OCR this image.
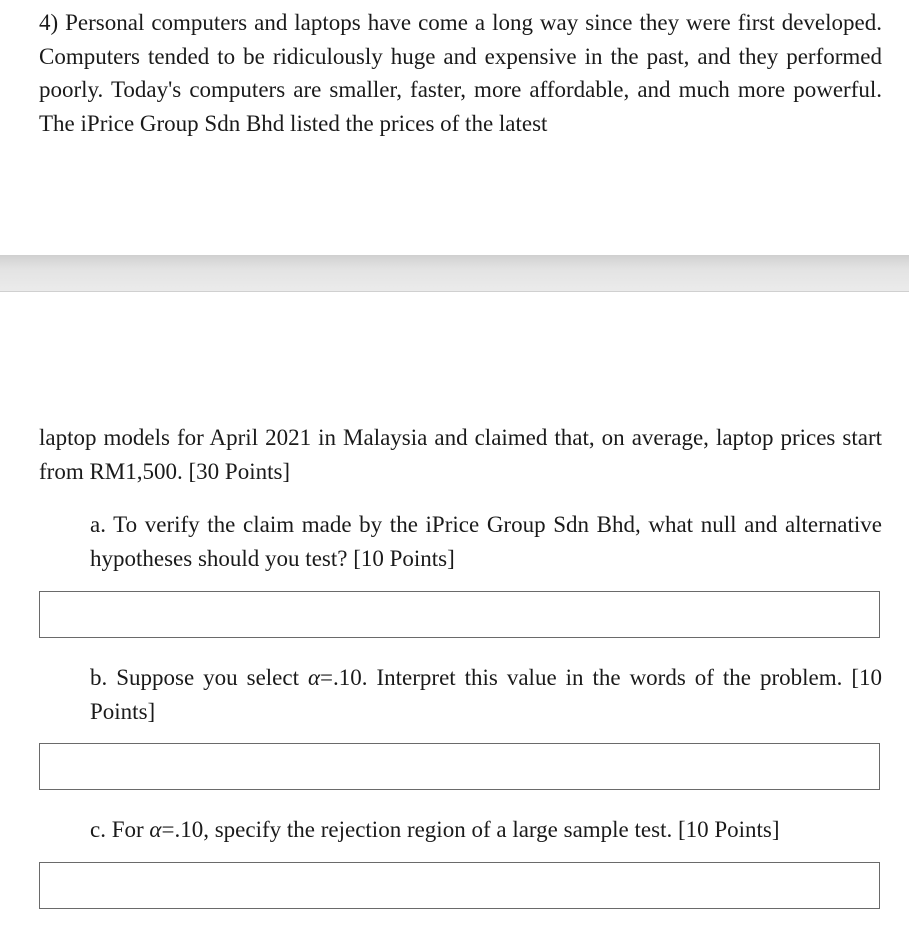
4) Personal computers and laptops have come a long way since they were first developed. Computers tended to be ridiculously huge and expensive in the past, and they performed poorly. Today's computers are smaller, faster, more affordable, and much more powerful. The iPrice Group Sdn Bhd listed the prices of the latest

laptop models for April 2021 in Malaysia and claimed that, on average, laptop prices start from RM1,500. [30 Points]

a. To verify the claim made by the iPrice Group Sdn Bhd, what null and alternative hypotheses should you test? [10 Points]

b. Suppose you select α=.10. Interpret this value in the words of the problem. [10 Points]

c. For α=.10, specify the rejection region of a large sample test. [10 Points]
